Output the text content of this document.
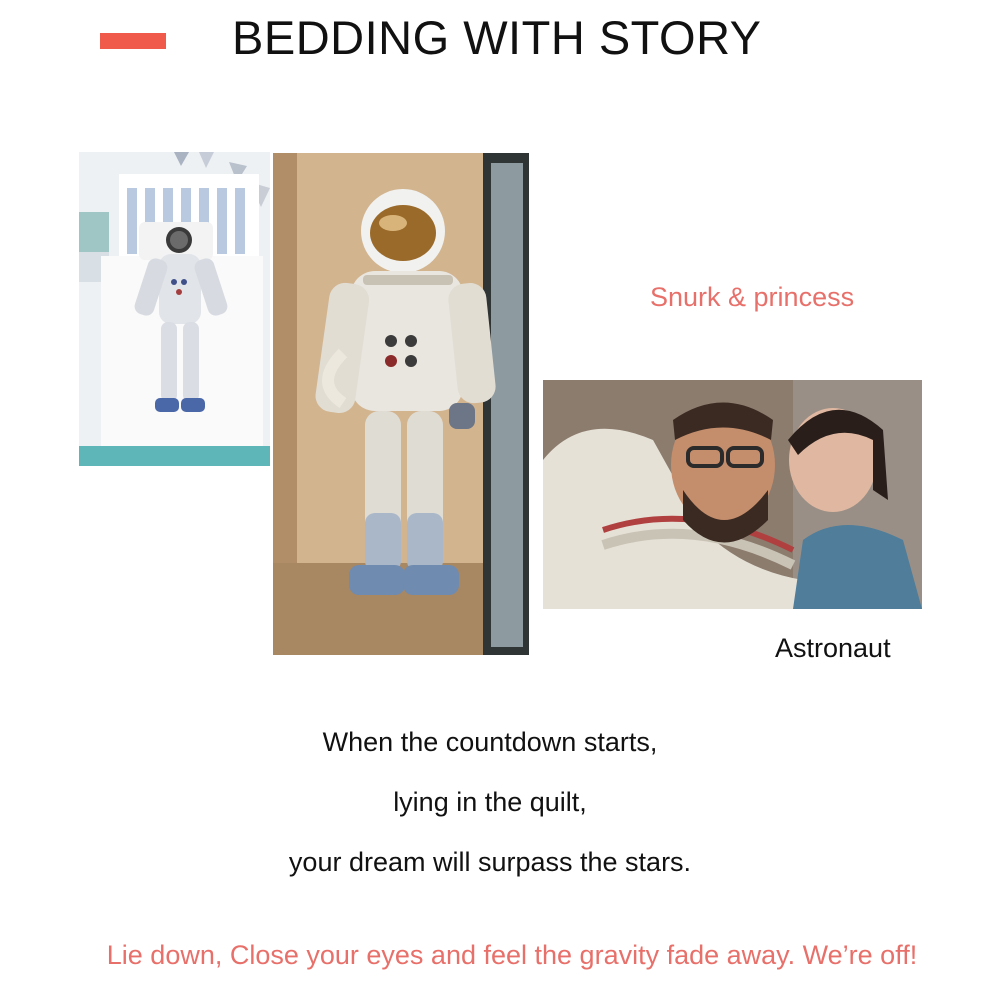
BEDDING WITH STORY

Snurk & princess

Astronaut

When the countdown starts,
lying in the quilt,
your dream will surpass the stars.

Lie down, Close your eyes and feel the gravity fade away. We’re off!
